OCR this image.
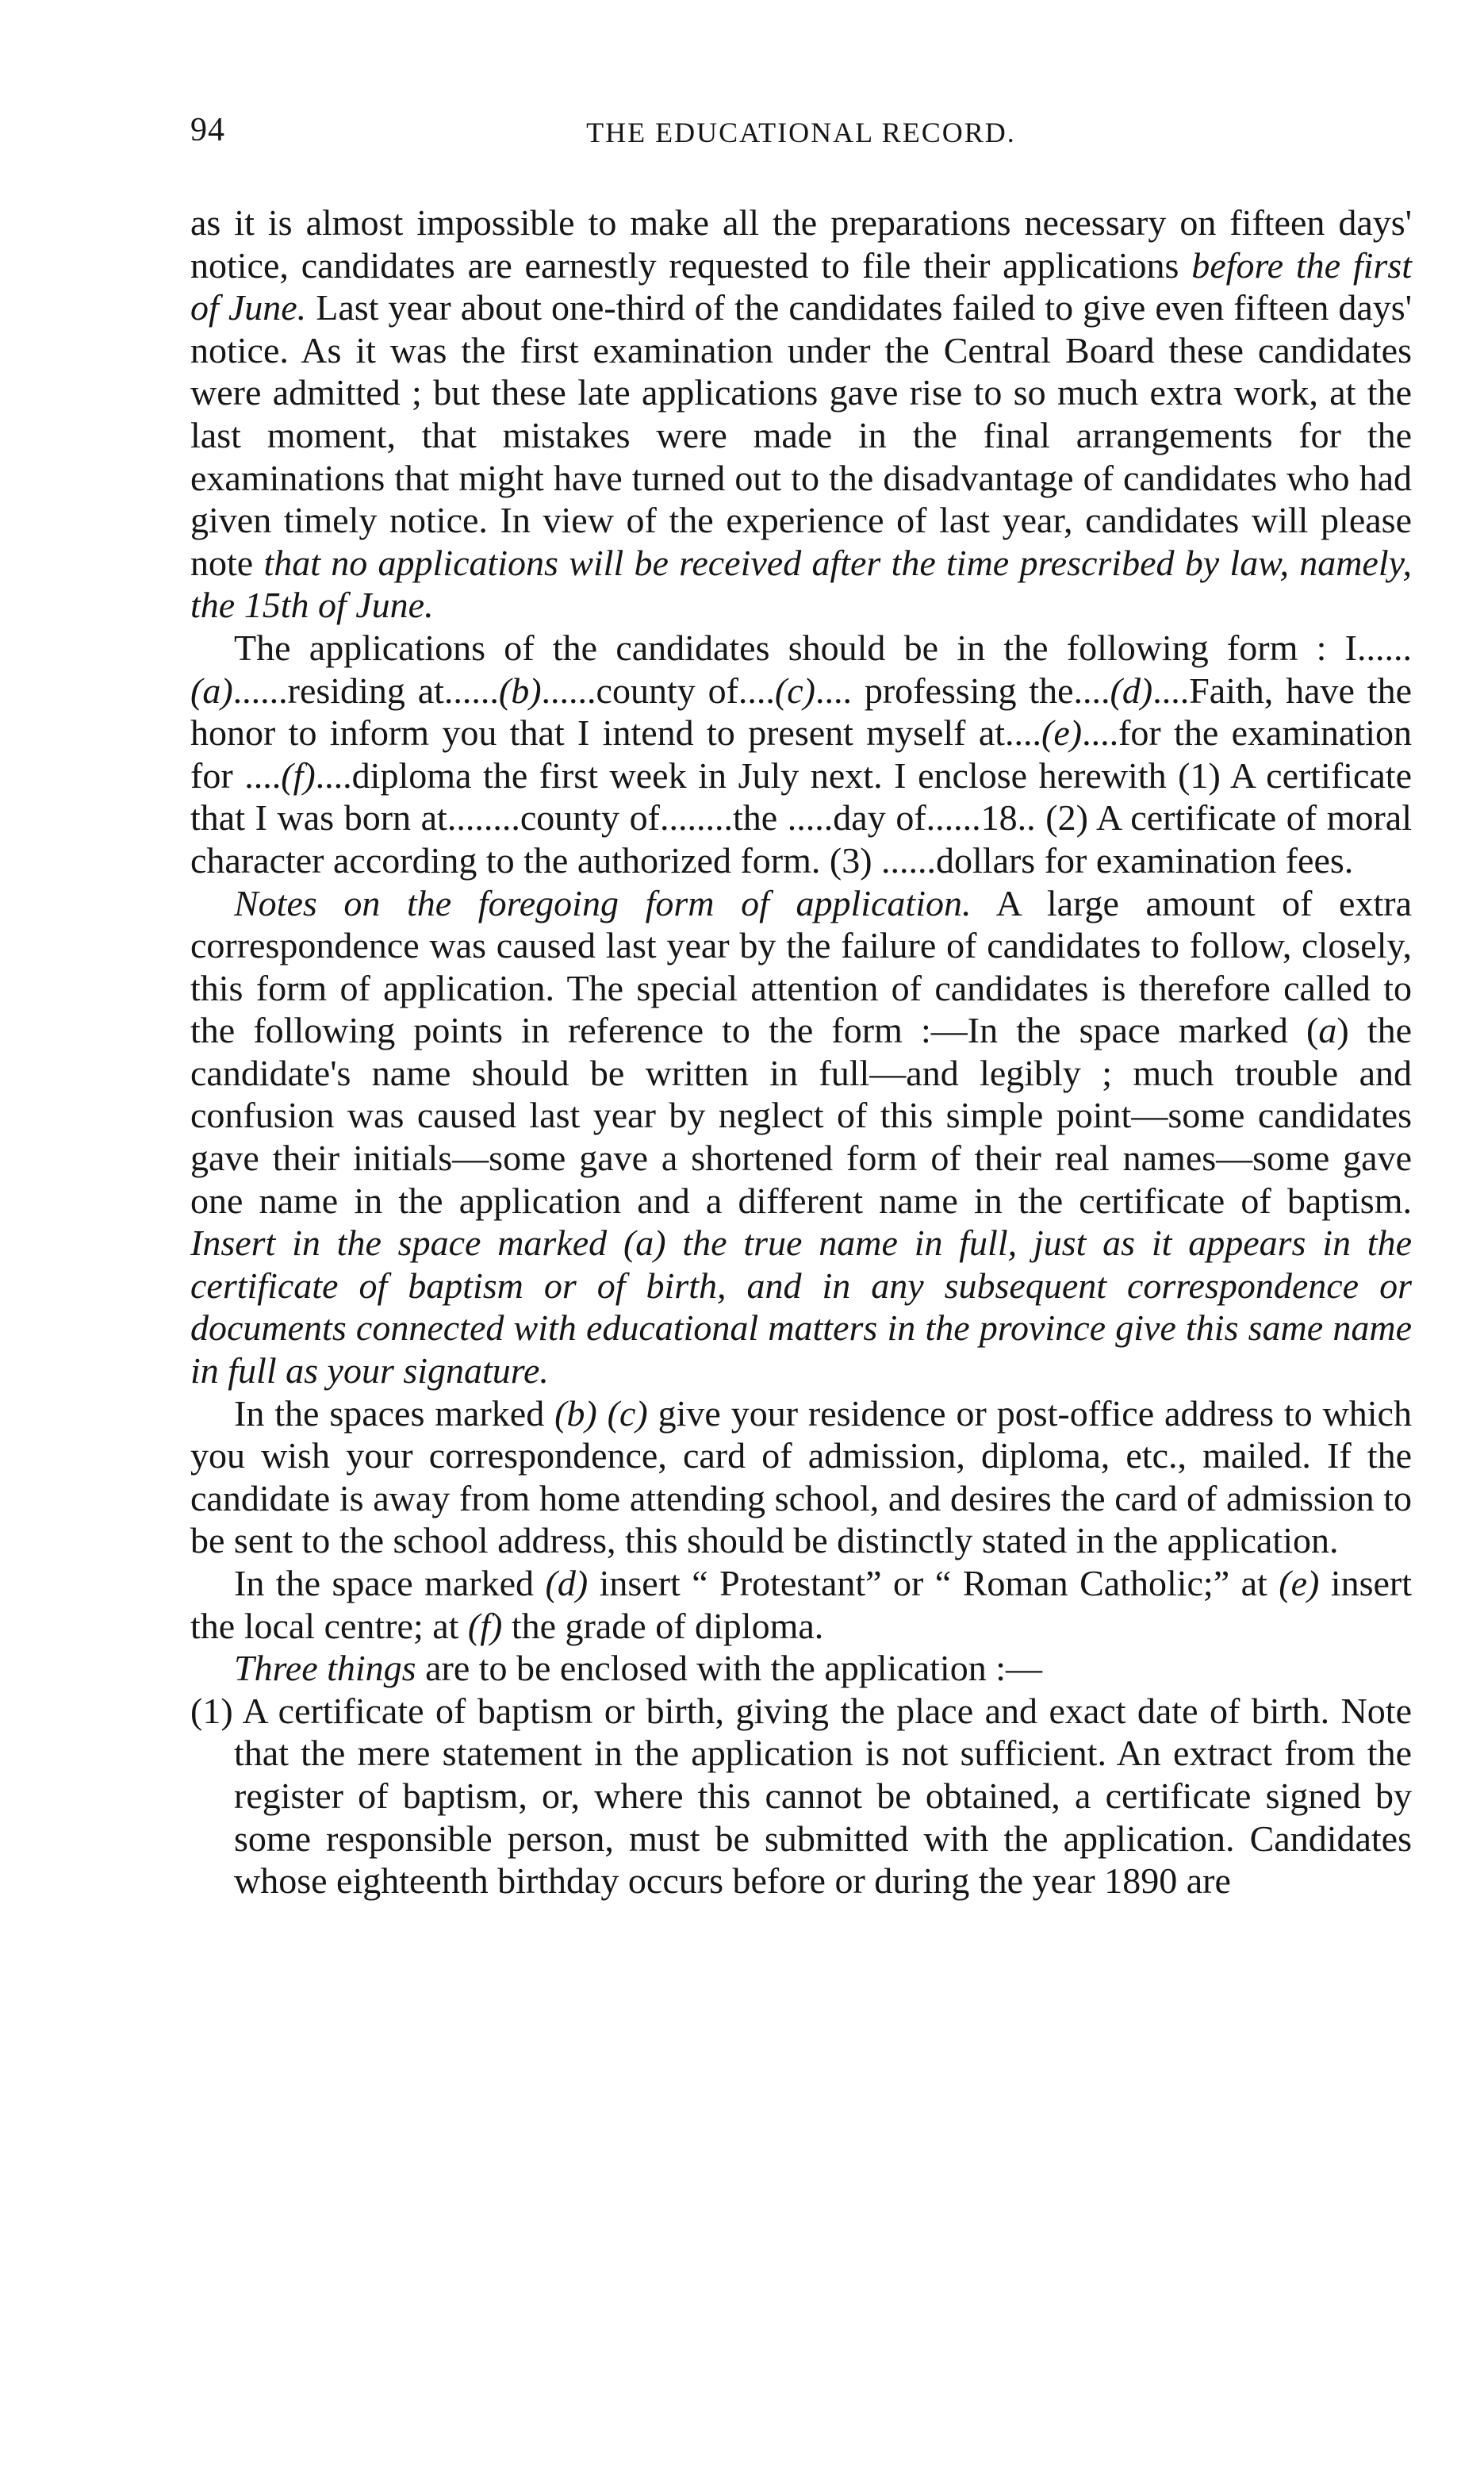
94	THE EDUCATIONAL RECORD.

as it is almost impossible to make all the preparations necessary on fifteen days' notice, candidates are earnestly requested to file their applications before the first of June. Last year about one-third of the candidates failed to give even fifteen days' notice. As it was the first examination under the Central Board these candidates were admitted ; but these late applications gave rise to so much extra work, at the last moment, that mistakes were made in the final arrangements for the examinations that might have turned out to the disadvantage of candidates who had given timely notice. In view of the experience of last year, candidates will please note that no applications will be received after the time prescribed by law, namely, the 15th of June.

The applications of the candidates should be in the following form : I......(a)......residing at......(b)......county of....(c).... professing the....(d)....Faith, have the honor to inform you that I intend to present myself at....(e)....for the examination for ....(f)....diploma the first week in July next. I enclose herewith (1) A certificate that I was born at........county of........the .....day of......18.. (2) A certificate of moral character according to the authorized form. (3) ......dollars for examination fees.

Notes on the foregoing form of application. A large amount of extra correspondence was caused last year by the failure of candidates to follow, closely, this form of application. The special attention of candidates is therefore called to the following points in reference to the form :—In the space marked (a) the candidate's name should be written in full—and legibly ; much trouble and confusion was caused last year by neglect of this simple point—some candidates gave their initials—some gave a shortened form of their real names—some gave one name in the application and a different name in the certificate of baptism. Insert in the space marked (a) the true name in full, just as it appears in the certificate of baptism or of birth, and in any subsequent correspondence or documents connected with educational matters in the province give this same name in full as your signature.

In the spaces marked (b) (c) give your residence or post-office address to which you wish your correspondence, card of admission, diploma, etc., mailed. If the candidate is away from home attending school, and desires the card of admission to be sent to the school address, this should be distinctly stated in the application.

In the space marked (d) insert “ Protestant” or “ Roman Catholic;” at (e) insert the local centre; at (f) the grade of diploma.

Three things are to be enclosed with the application :—

(1) A certificate of baptism or birth, giving the place and exact date of birth. Note that the mere statement in the application is not sufficient. An extract from the register of baptism, or, where this cannot be obtained, a certificate signed by some responsible person, must be submitted with the application. Candidates whose eighteenth birthday occurs before or during the year 1890 are
